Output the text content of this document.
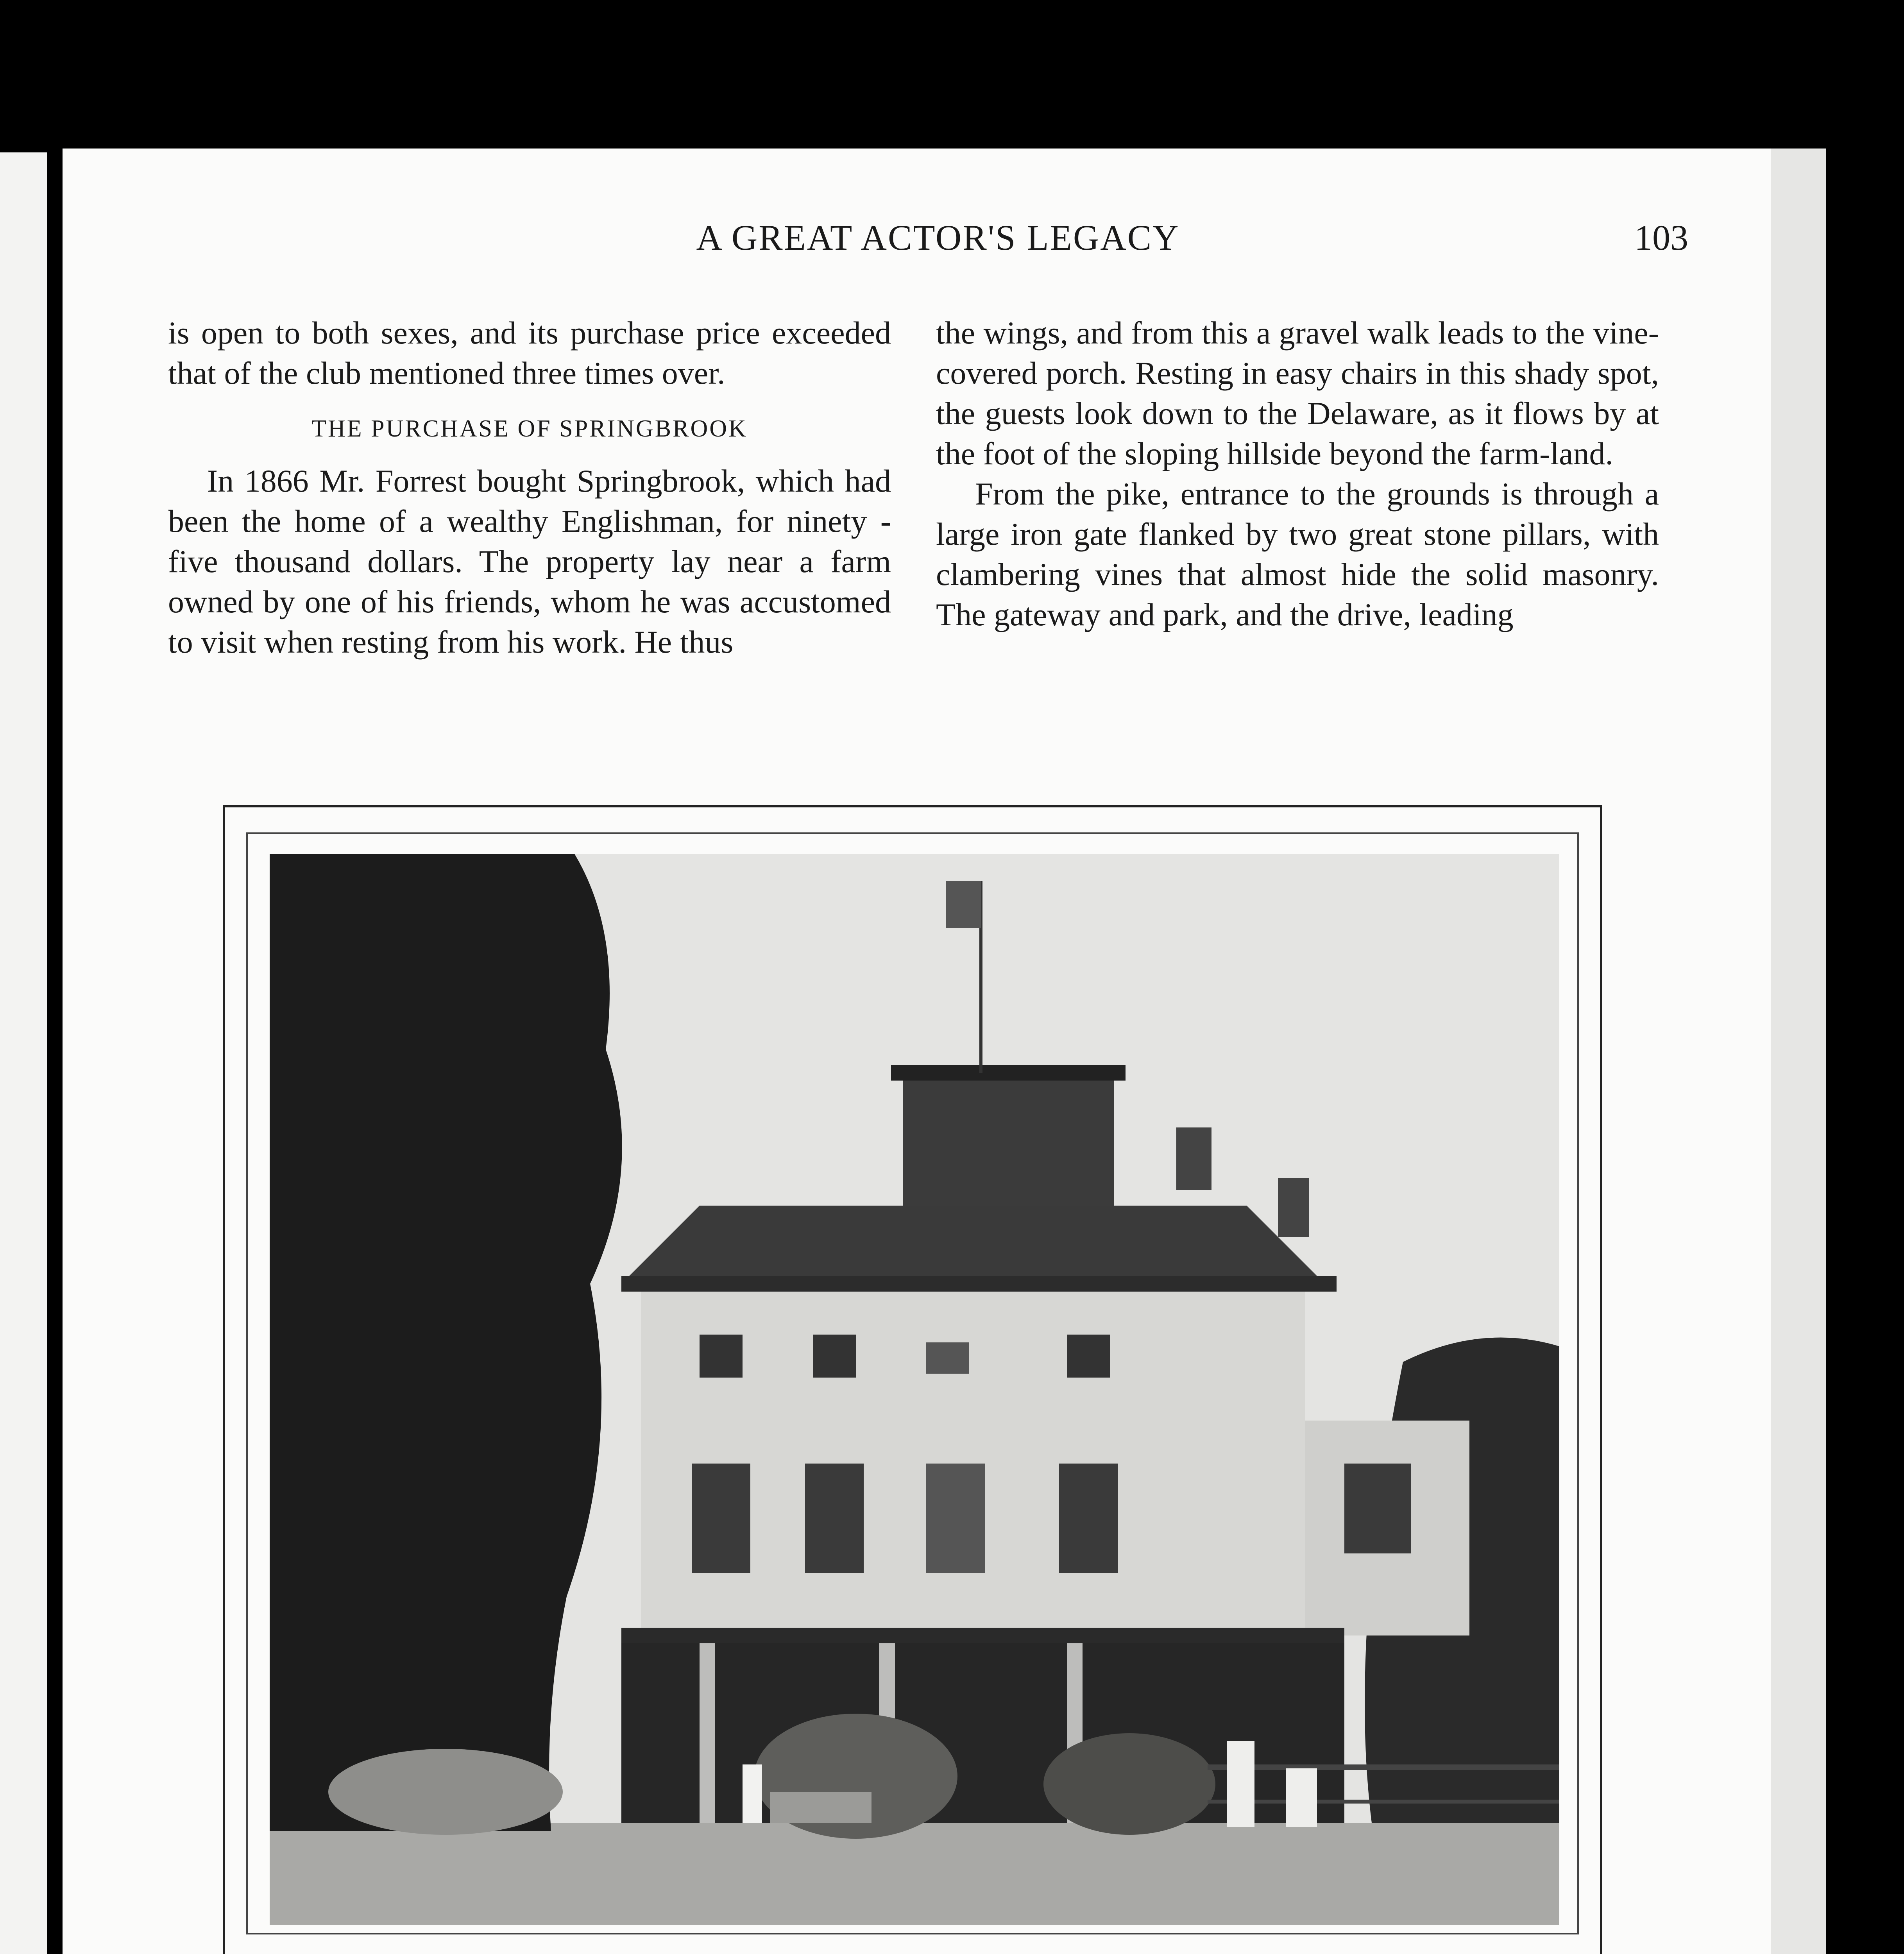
A GREAT ACTOR'S LEGACY	103

is open to both sexes, and its purchase price exceeded that of the club mentioned three times over.

THE PURCHASE OF SPRINGBROOK

In 1866 Mr. Forrest bought Springbrook, which had been the home of a wealthy Englishman, for ninety - five thousand dollars. The property lay near a farm owned by one of his friends, whom he was accustomed to visit when resting from his work. He thus

the wings, and from this a gravel walk leads to the vine-covered porch. Resting in easy chairs in this shady spot, the guests look down to the Delaware, as it flows by at the foot of the sloping hillside beyond the farm-land.

From the pike, entrance to the grounds is through a large iron gate flanked by two great stone pillars, with clambering vines that almost hide the solid masonry. The gateway and park, and the drive, leading
